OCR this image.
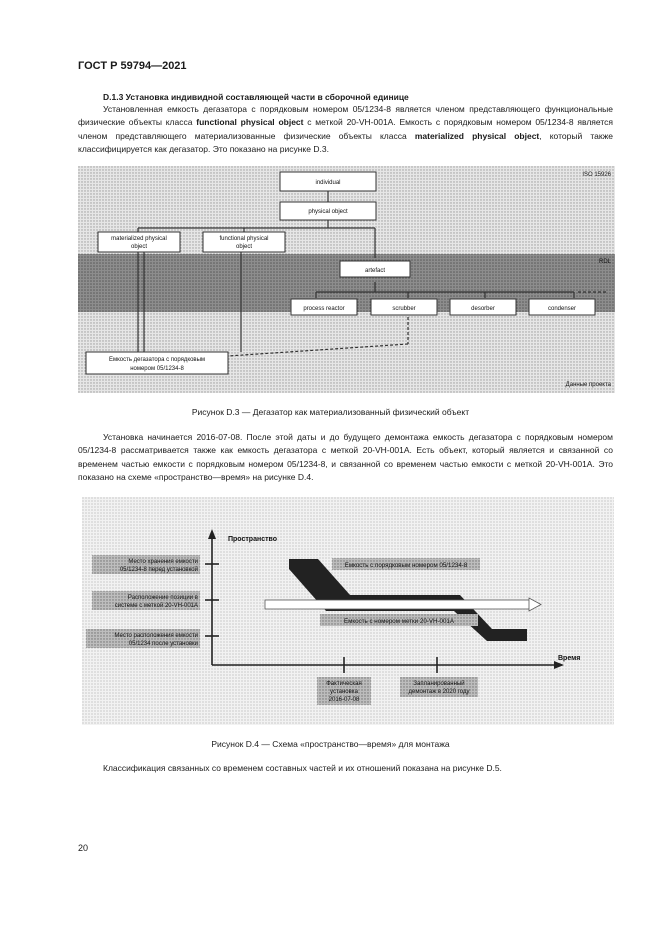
ГОСТ Р 59794—2021
D.1.3 Установка индивидной составляющей части в сборочной единице

Установленная емкость дегазатора с порядковым номером 05/1234-8 является членом представляющего функциональные физические объекты класса functional physical object с меткой 20-VH-001A. Емкость с порядковым номером 05/1234-8 является членом представляющего материализованные физические объекты класса materialized physical object, который также классифицируется как дегазатор. Это показано на рисунке D.3.

ISO 15926
RDL
Данные проекта
individual
physical object
materialized physical
object
functional physical
object
artefact
process reactor	scrubber	desorber	condenser
Емкость дегазатора с порядковым
номером 05/1234-8
Рисунок D.3 — Дегазатор как материализованный физический объект

Установка начинается 2016-07-08. После этой даты и до будущего демонтажа емкость дегазатора с порядковым номером 05/1234-8 рассматривается также как емкость дегазатора с меткой 20-VH-001A. Есть объект, который является и связанной со временем частью емкости с порядковым номером 05/1234-8, и связанной со временем частью емкости с меткой 20-VH-001A. Это показано на схеме «пространство—время» на рисунке D.4.

Пространство
Время
Место хранения емкости
05/1234-8 перед установкой
Расположение позиции в
системе с меткой 20-VH-001A
Место расположения емкости
05/1234 после установки
Емкость с порядковым номером 05/1234-8
Емкость с номером метки 20-VH-001A
Фактическая
установка
2016-07-08
Запланированный
демонтаж в 2020 году
Рисунок D.4 — Схема «пространство—время» для монтажа

Классификация связанных со временем составных частей и их отношений показана на рисунке D.5.

20
